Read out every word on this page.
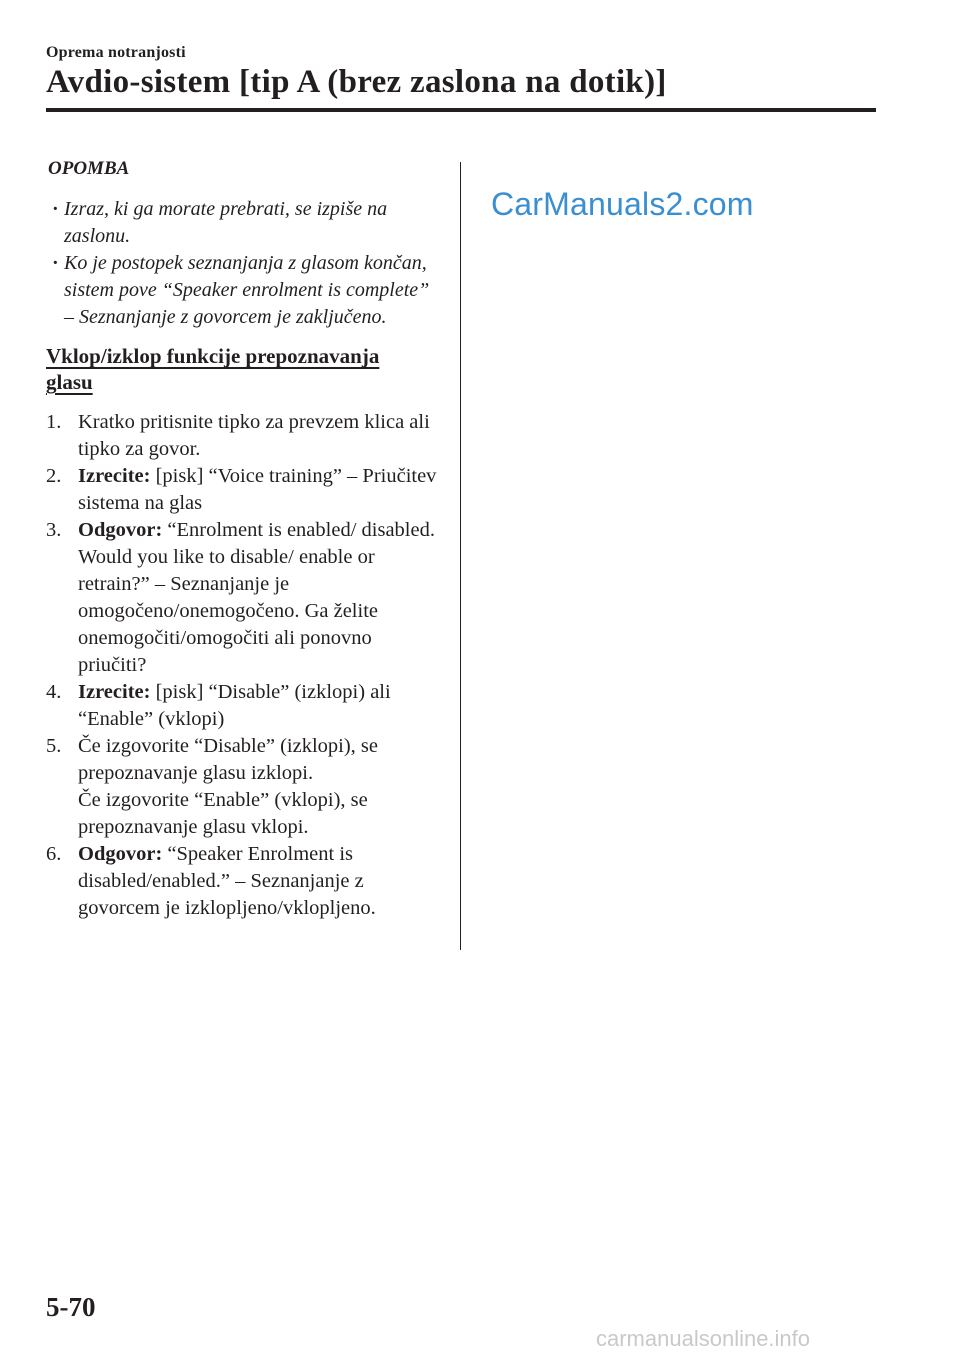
Oprema notranjosti
Avdio-sistem [tip A (brez zaslona na dotik)]
OPOMBA
· Izraz, ki ga morate prebrati, se izpiše na zaslonu.
· Ko je postopek seznanjanja z glasom končan, sistem pove “Speaker enrolment is complete” – Seznanjanje z govorcem je zaključeno.
Vklop/izklop funkcije prepoznavanja glasu
1. Kratko pritisnite tipko za prevzem klica ali tipko za govor.
2. Izrecite: [pisk] “Voice training” – Priučitev sistema na glas
3. Odgovor: “Enrolment is enabled/ disabled. Would you like to disable/ enable or retrain?” – Seznanjanje je omogočeno/onemogočeno. Ga želite onemogočiti/omogočiti ali ponovno priučiti?
4. Izrecite: [pisk] “Disable” (izklopi) ali “Enable” (vklopi)
5. Če izgovorite “Disable” (izklopi), se prepoznavanje glasu izklopi.
Če izgovorite “Enable” (vklopi), se prepoznavanje glasu vklopi.
6. Odgovor: “Speaker Enrolment is disabled/enabled.” – Seznanjanje z govorcem je izklopljeno/vklopljeno.
CarManuals2.com
5-70
carmanualsonline.info
